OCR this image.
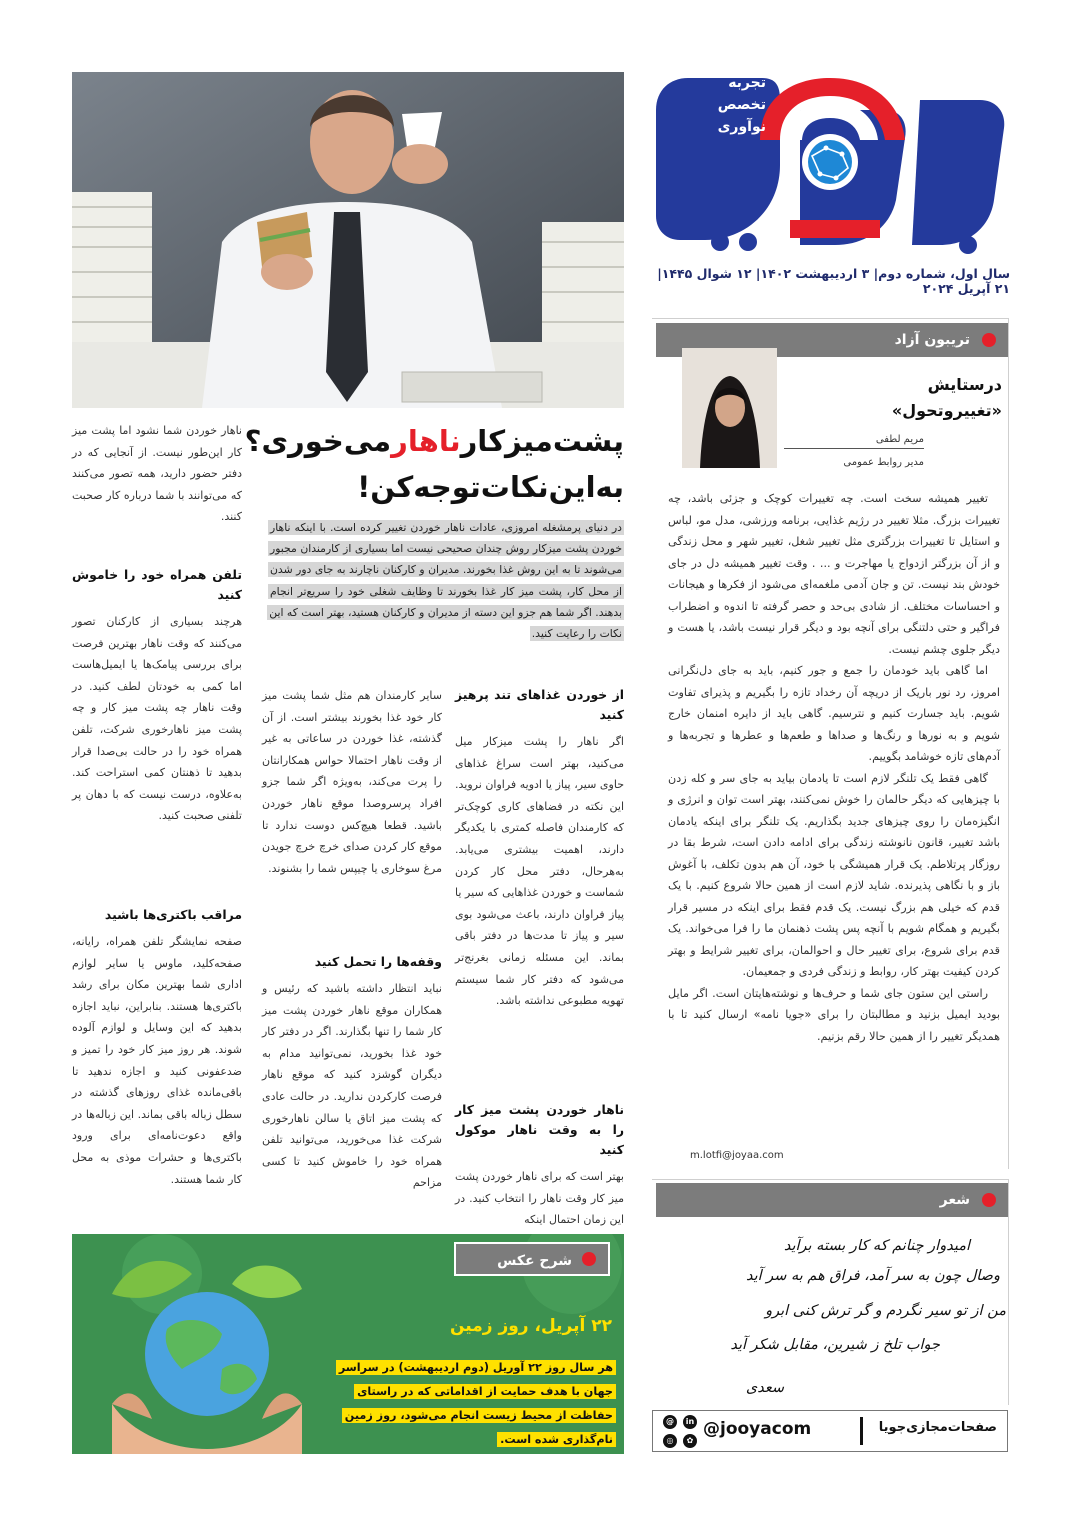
تجربه
تخصص
نوآوری
سال اول، شماره دوم| ۳ اردیبهشت ۱۴۰۲| ۱۲ شوال ۱۴۴۵| ۲۱ آپریل ۲۰۲۴
تریبون آزاد
درستایش
«تغییروتحول»
مریم لطفی
مدیر روابط عمومی

تغییر همیشه سخت است. چه تغییرات کوچک و جزئی باشد، چه تغییرات بزرگ. مثلا تغییر در رژیم غذایی، برنامه ورزشی، مدل مو، لباس و استایل تا تغییرات بزرگتری مثل تغییر شغل، تغییر شهر و محل زندگی و از آن بزرگتر ازدواج یا مهاجرت و ... . وقت تغییر همیشه دل در جای خودش بند نیست. تن و جان آدمی ملغمه‌ای می‌شود از فکرها و هیجانات و احساسات مختلف. از شادی بی‌حد و حصر گرفته تا اندوه و اضطراب فراگیر و حتی دلتنگی برای آنچه بود و دیگر قرار نیست باشد، یا هست و دیگر جلوی چشم نیست.

اما گاهی باید خودمان را جمع و جور کنیم، باید به جای دل‌نگرانی امروز، رد نور باریک از دریچه آن رخداد تازه را بگیریم و پذیرای تفاوت شویم. باید جسارت کنیم و نترسیم. گاهی باید از دایره امنمان خارج شویم و به نورها و رنگ‌ها و صداها و طعم‌ها و عطرها و تجربه‌ها و آدم‌های تازه خوشامد بگوییم.

گاهی فقط یک تلنگر لازم است تا یادمان بیاید به جای سر و کله زدن با چیزهایی که دیگر حالمان را خوش نمی‌کنند، بهتر است توان و انرژی و انگیزه‌مان را روی چیزهای جدید بگذاریم. یک تلنگر برای اینکه یادمان باشد تغییر، قانون نانوشته زندگی برای ادامه دادن است، شرط بقا در روزگار پرتلاطم. یک قرار همیشگی با خود، آن هم بدون تکلف، با آغوش باز و با نگاهی پذیرنده. شاید لازم است از همین حالا شروع کنیم. با یک قدم که خیلی هم بزرگ نیست. یک قدم فقط برای اینکه در مسیر قرار بگیریم و همگام شویم با آنچه پس پشت ذهنمان ما را فرا می‌خواند. یک قدم برای شروع، برای تغییر حال و احوالمان، برای تغییر شرایط و بهتر کردن کیفیت بهتر کار، روابط و زندگی فردی و جمعیمان.

راستی این ستون جای شما و حرف‌ها و نوشته‌هایتان است. اگر مایل بودید ایمیل بزنید و مطالبتان را برای «جویا نامه» ارسال کنید تا با همدیگر تغییر را از همین حالا رقم بزنیم.

m.lotfi@joyaa.com
شعر
امیدوار چنانم که کار بسته برآید
وصال چون به سر آمد، فراق هم به سر آید
من از تو سیر نگردم و گر ترش کنی ابرو
جواب تلخ ز شیرین، مقابل شکر آید
سعدی
صفحات‌مجازی‌جویا
@jooyacom
@	in
◎	✿
پشت‌میزکارناهارمی‌خوری؟
به‌این‌نکات‌توجه‌کن!
در دنیای پرمشغله امروزی، عادات ناهار خوردن تغییر کرده است. با اینکه ناهار خوردن پشت میزکار روش چندان صحیحی نیست اما بسیاری از کارمندان مجبور می‌شوند تا به این روش غذا بخورند. مدیران و کارکنان ناچارند به جای دور شدن از محل کار، پشت میز کار غذا بخورند تا وظایف شغلی خود را سریع‌تر انجام بدهند. اگر شما هم جزو این دسته از مدیران و کارکنان هستید، بهتر است که این نکات را رعایت کنید.
از خوردن غذاهای تند پرهیز کنید

اگر ناهار را پشت میزکار میل می‌کنید، بهتر است سراغ غذاهای حاوی سیر، پیاز یا ادویه فراوان نروید. این نکته در فضاهای کاری کوچک‌تر که کارمندان فاصله کمتری با یکدیگر دارند، اهمیت بیشتری می‌یابد. به‌هرحال، دفتر محل کار کردن شماست و خوردن غذاهایی که سیر یا پیاز فراوان دارند، باعث می‌شود بوی سیر و پیاز تا مدت‌ها در دفتر باقی بماند. این مسئله زمانی بغرنج‌تر می‌شود که دفتر کار شما سیستم تهویه مطبوعی نداشته باشد.

ناهار خوردن پشت میز کار را به وقت ناهار موکول کنید

بهتر است که برای ناهار خوردن پشت میز کار وقت ناهار را انتخاب کنید. در این زمان احتمال اینکه

سایر کارمندان هم مثل شما پشت میز کار خود غذا بخورند بیشتر است. از آن گذشته، غذا خوردن در ساعاتی به غیر از وقت ناهار احتمالا حواس همکارانتان را پرت می‌کند، به‌ویژه اگر شما جزو افراد پرسروصدا موقع ناهار خوردن باشید. قطعا هیچ‌کس دوست ندارد تا موقع کار کردن صدای خرچ خرچ جویدن مرغ سوخاری یا چیپس شما را بشنوند.

وقفه‌ها را تحمل کنید

نباید انتظار داشته باشید که رئیس و همکاران موقع ناهار خوردن پشت میز کار شما را تنها بگذارند. اگر در دفتر کار خود غذا بخورید، نمی‌توانید مدام به دیگران گوشزد کنید که موقع ناهار فرصت کارکردن ندارید. در حالت عادی که پشت میز اتاق یا سالن ناهارخوری شرکت غذا می‌خورید، می‌توانید تلفن همراه خود را خاموش کنید تا کسی مزاحم

ناهار خوردن شما نشود اما پشت میز کار این‌طور نیست. از آنجایی که در دفتر حضور دارید، همه تصور می‌کنند که می‌توانند با شما درباره کار صحبت کنند.

تلفن همراه خود را خاموش کنید

هرچند بسیاری از کارکنان تصور می‌کنند که وقت ناهار بهترین فرصت برای بررسی پیامک‌ها یا ایمیل‌هاست اما کمی به خودتان لطف کنید. در وقت ناهار چه پشت میز کار و چه پشت میز ناهارخوری شرکت، تلفن همراه خود را در حالت بی‌صدا قرار بدهید تا ذهنتان کمی استراحت کند. به‌علاوه، درست نیست که با دهان پر تلفنی صحبت کنید.

مراقب باکتری‌ها باشید

صفحه نمایشگر تلفن همراه، رایانه، صفحه‌کلید، ماوس یا سایر لوازم اداری شما بهترین مکان برای رشد باکتری‌ها هستند. بنابراین، نباید اجازه بدهید که این وسایل و لوازم آلوده شوند. هر روز میز کار خود را تمیز و ضدعفونی کنید و اجازه ندهید تا باقی‌مانده غذای روزهای گذشته در سطل زباله باقی بماند. این زباله‌ها در واقع دعوت‌نامه‌ای برای ورود باکتری‌ها و حشرات موذی به محل کار شما هستند.

شرح عکس
۲۲ آپریل، روز زمین
هر سال روز ۲۲ آوریل (دوم اردیبهشت) در سراسر جهان با هدف حمایت از اقداماتی که در راستای حفاظت از محیط زیست انجام می‌شود، روز زمین نام‌گذاری شده است.
